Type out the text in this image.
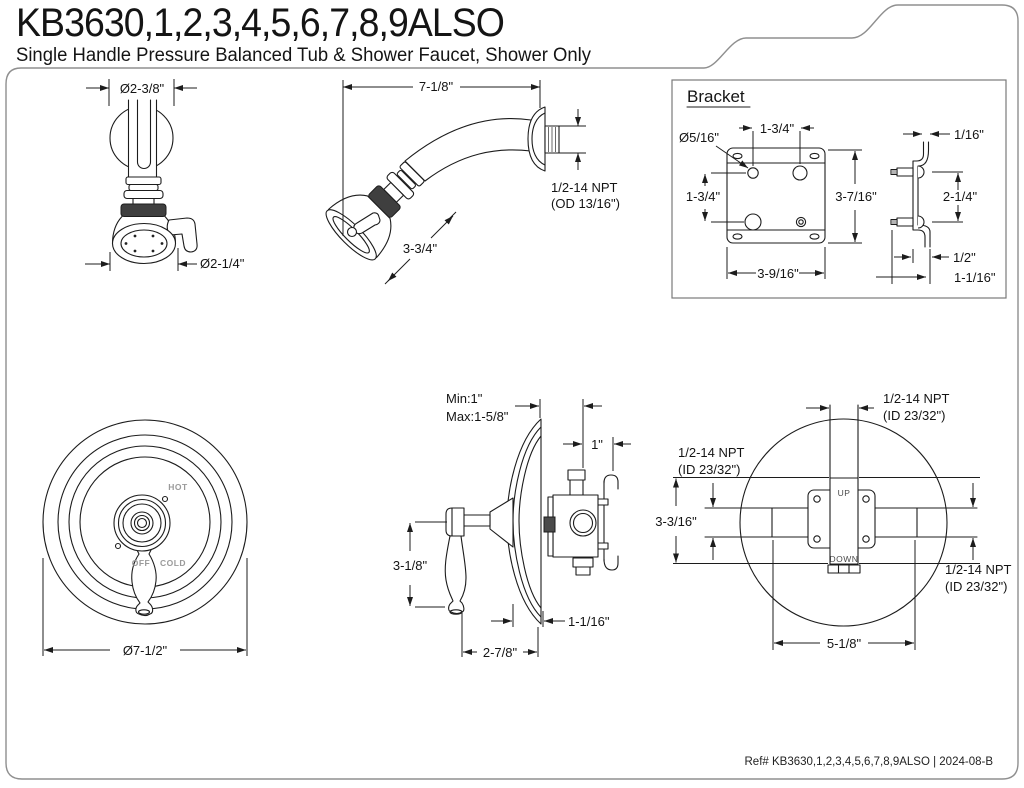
KB3630,1,2,3,4,5,6,7,8,9ALSO
Single Handle Pressure Balanced Tub & Shower Faucet, Shower Only
Ø2-3/8"
Ø2-1/4"
7-1/8"
1/2-14 NPT
(OD 13/16")
3-3/4"
Bracket
1-3/4"
Ø5/16"
1-3/4"	3-7/16"
3-9/16"
1/16"
2-1/4"
1/2"
1-1/16"
HOT
COLD
OFF
Ø7-1/2"
Min:1"
Max:1-5/8"
1"
3-1/8"
1-1/16"
2-7/8"
UP
DOWN
1/2-14 NPT
(ID 23/32")
1/2-14 NPT
(ID 23/32")
3-3/16"
1/2-14 NPT
(ID 23/32")
5-1/8"
Ref# KB3630,1,2,3,4,5,6,7,8,9ALSO | 2024-08-B
